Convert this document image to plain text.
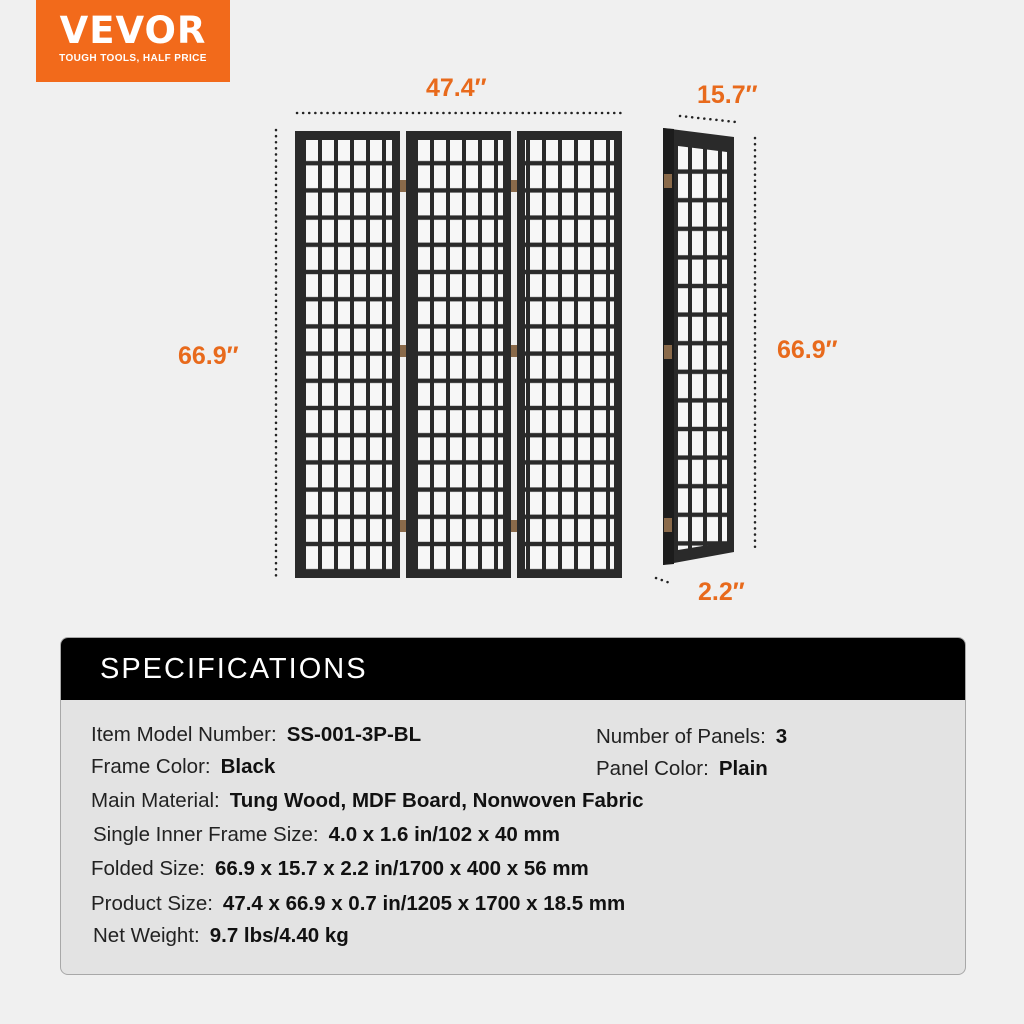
VEVOR
TOUGH TOOLS, HALF PRICE
47.4″
66.9″
15.7″
66.9″
2.2″
SPECIFICATIONS
Item Model Number: SS-001-3P-BL	Number of Panels: 3
Frame Color: Black	Panel Color: Plain
Main Material: Tung Wood, MDF Board, Nonwoven Fabric
Single Inner Frame Size: 4.0 x 1.6 in/102 x 40 mm
Folded Size: 66.9 x 15.7 x 2.2 in/1700 x 400 x 56 mm
Product Size: 47.4 x 66.9 x 0.7 in/1205 x 1700 x 18.5 mm
Net Weight: 9.7 lbs/4.40 kg
